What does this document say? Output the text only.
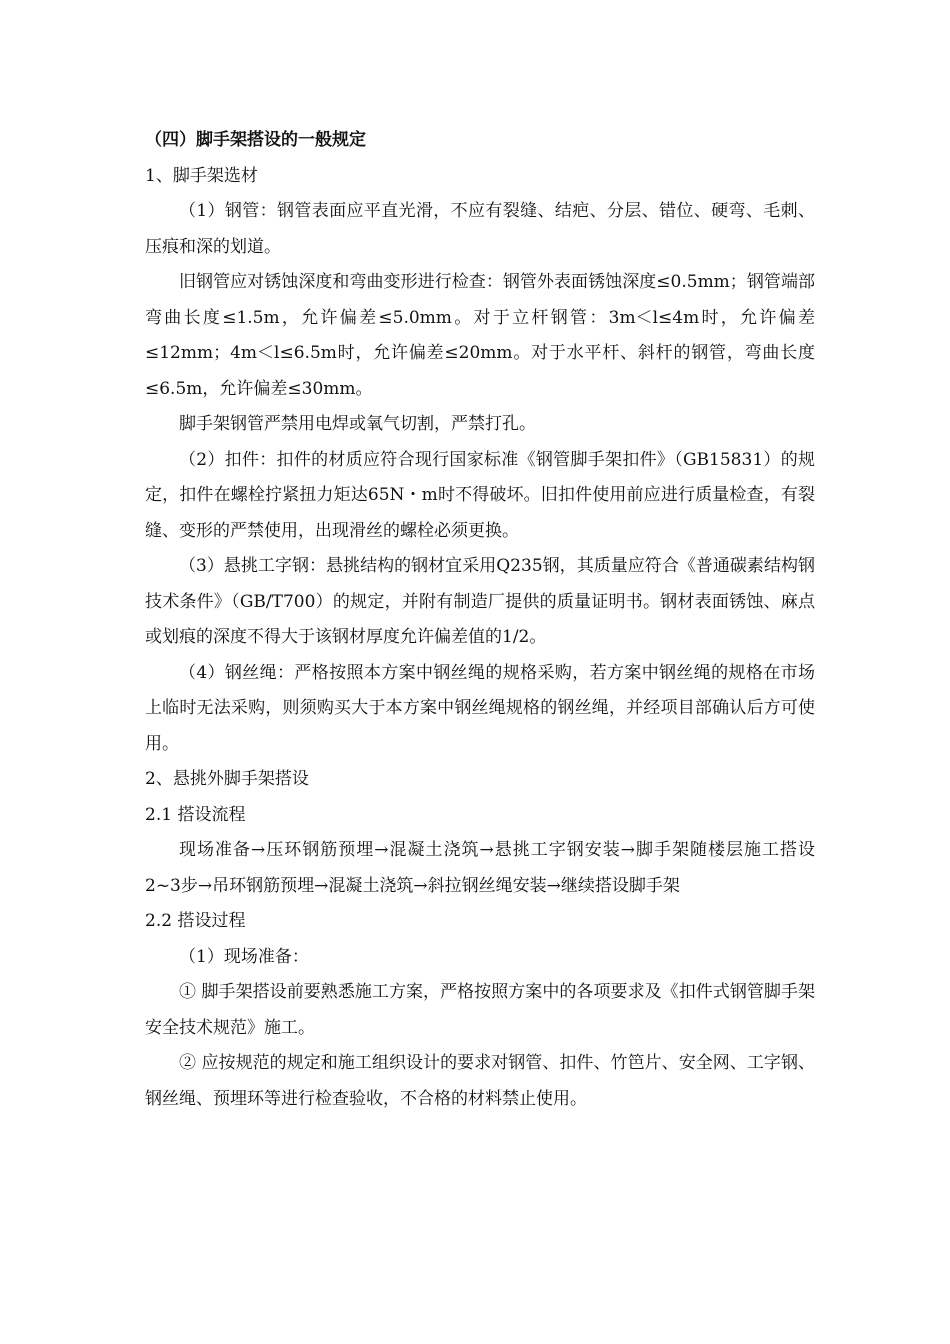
（四）脚手架搭设的一般规定

1、脚手架选材

（1）钢管：钢管表面应平直光滑，不应有裂缝、结疤、分层、错位、硬弯、毛刺、压痕和深的划道。

旧钢管应对锈蚀深度和弯曲变形进行检查：钢管外表面锈蚀深度≤0.5mm；钢管端部弯曲长度≤1.5m，允许偏差≤5.0mm。对于立杆钢管：3m＜l≤4m时，允许偏差≤12mm；4m＜l≤6.5m时，允许偏差≤20mm。对于水平杆、斜杆的钢管，弯曲长度≤6.5m，允许偏差≤30mm。

脚手架钢管严禁用电焊或氧气切割，严禁打孔。

（2）扣件：扣件的材质应符合现行国家标准《钢管脚手架扣件》（GB15831）的规定，扣件在螺栓拧紧扭力矩达65N・m时不得破坏。旧扣件使用前应进行质量检查，有裂缝、变形的严禁使用，出现滑丝的螺栓必须更换。

（3）悬挑工字钢：悬挑结构的钢材宜采用Q235钢，其质量应符合《普通碳素结构钢技术条件》（GB/T700）的规定，并附有制造厂提供的质量证明书。钢材表面锈蚀、麻点或划痕的深度不得大于该钢材厚度允许偏差值的1/2。

（4）钢丝绳：严格按照本方案中钢丝绳的规格采购，若方案中钢丝绳的规格在市场上临时无法采购，则须购买大于本方案中钢丝绳规格的钢丝绳，并经项目部确认后方可使用。

2、悬挑外脚手架搭设

2.1 搭设流程

现场准备→压环钢筋预埋→混凝土浇筑→悬挑工字钢安装→脚手架随楼层施工搭设2~3步→吊环钢筋预埋→混凝土浇筑→斜拉钢丝绳安装→继续搭设脚手架

2.2 搭设过程

（1）现场准备：

① 脚手架搭设前要熟悉施工方案，严格按照方案中的各项要求及《扣件式钢管脚手架安全技术规范》施工。

② 应按规范的规定和施工组织设计的要求对钢管、扣件、竹笆片、安全网、工字钢、钢丝绳、预埋环等进行检查验收，不合格的材料禁止使用。
